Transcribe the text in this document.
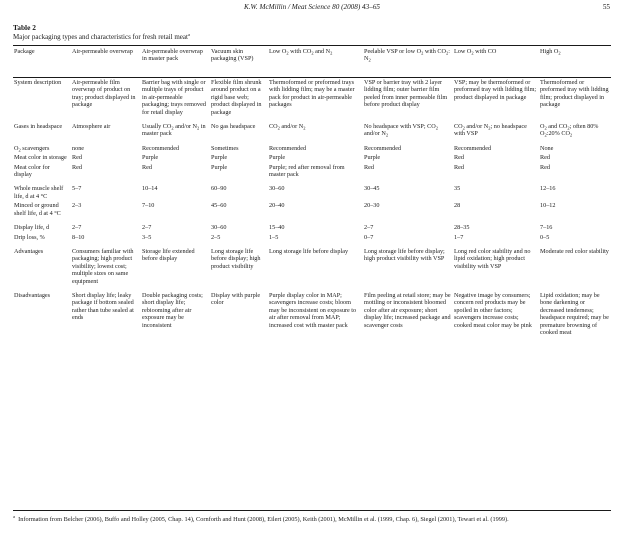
K.W. McMillin / Meat Science 80 (2008) 43–65	55
Table 2
Major packaging types and characteristics for fresh retail meat$^a$
Package	Air-permeable overwrap	Air-permeable overwrap in master pack	Vacuum skin packaging (VSP)	Low $O_2$ with $CO_2$ and $N_2$	Peelable VSP or low $O_2$ with $CO_2$: $N_2$	Low $O_2$ with CO	High $O_2$
System description	Air-permeable film overwrap of product on tray; product displayed in package	Barrier bag with single or multiple trays of product in air-permeable packaging; trays removed for retail display	Flexible film shrunk around product on a rigid base web; product displayed in package	Thermoformed or preformed trays with lidding film; may be a master pack for product in air-permeable packages	VSP or barrier tray with 2 layer lidding film; outer barrier film peeled from inner permeable film before product display	VSP; may be thermoformed or preformed tray with lidding film; product displayed in package	Thermoformed or preformed tray with lidding film; product displayed in package
Gases in headspace	Atmosphere air	Usually $CO_2$ and/or $N_2$ in master pack	No gas headspace	$CO_2$ and/or $N_2$	No headspace with VSP; $CO_2$ and/or $N_2$	$CO_2$ and/or $N_2$; no headspace with VSP	$O_2$ and $CO_2$; often 80% $O_2:20\%$ $CO_2$
$O_2$ scavengers	none	Recommended	Sometimes	Recommended	Recommended	Recommended	None
Meat color in storage	Red	Purple	Purple	Purple	Purple	Red	Red
Meat color for display	Red	Red	Purple	Purple; red after removal from master pack	Red	Red	Red
Whole muscle shelf life, d at 4 °C	5–7	10–14	60–90	30–60	30–45	35	12–16
Minced or ground shelf life, d at 4 °C	2–3	7–10	45–60	20–40	20–30	28	10–12
Display life, d	2–7	2–7	30–60	15–40	2–7	28–35	7–16
Drip loss, %	8–10	3–5	2–5	1–5	0–7	1–7	0–5
Advantages	Consumers familiar with packaging; high product visibility; lowest cost; multiple sizes on same equipment	Storage life extended before display	Long storage life before display; high product visibility	Long storage life before display	Long storage life before display; high product visibility with VSP	Long red color stability and no lipid oxidation; high product visibility with VSP	Moderate red color stability
Disadvantages	Short display life; leaky package if bottom sealed rather than tube sealed at ends	Double packaging costs; short display life; rebiooming after air exposure may be inconsistent	Display with purple color	Purple display color in MAP; scavengers increase costs; bloom may be inconsistent on exposure to air after removal from MAP; increased cost with master pack	Film peeling at retail store; may be mottling or inconsistent bloomed color after air exposure; short display life; increased package and scavenger costs	Negative image by consumers; concern red products may be spoiled in other factors; scavengers increase costs; cooked meat color may be pink	Lipid oxidation; may be bone darkening or decreased tenderness; headspace required; may be premature browning of cooked meat
$^a$ Information from Belcher (2006), Buffo and Holley (2005, Chap. 14), Cornforth and Hunt (2008), Eilert (2005), Keith (2001), McMillin et al. (1999, Chap. 6), Siegel (2001), Tewari et al. (1999).
